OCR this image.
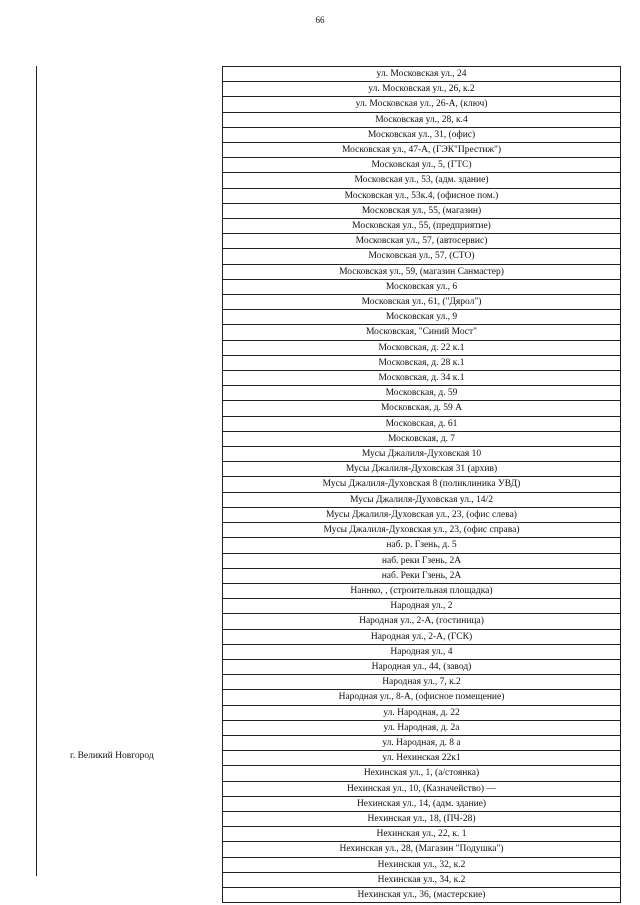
66
г. Великий Новгород
ул. Московская ул., 24
ул. Московская ул., 26, к.2
ул. Московская ул., 26-А, (ключ)
Московская ул., 28, к.4
Московская ул., 31, (офис)
Московская ул., 47-А, (ГЭК"Престиж")
Московская ул., 5, (ГТС)
Московская ул., 53, (адм. здание)
Московская ул., 53к.4, (офисное пом.)
Московская ул., 55, (магазин)
Московская ул., 55, (предприятие)
Московская ул., 57, (автосервис)
Московская ул., 57, (СТО)
Московская ул., 59, (магазин Санмастер)
Московская ул., 6
Московская ул., 61, ("Дярол")
Московская ул., 9
Московская, "Синий Мост"
Московская, д. 22 к.1
Московская, д. 28 к.1
Московская, д. 34 к.1
Московская, д. 59
Московская, д. 59 А
Московская, д. 61
Московская, д. 7
Мусы Джалиля-Духовская 10
Мусы Джалиля-Духовская 31 (архив)
Мусы Джалиля-Духовская 8 (поликлиника УВД)
Мусы Джалиля-Духовская ул., 14/2
Мусы Джалиля-Духовская ул., 23, (офис слева)
Мусы Джалиля-Духовская ул., 23, (офис справа)
наб. р. Гзень, д. 5
наб. реки Гзень, 2А
наб. Реки Гзень, 2А
Наннко, , (строительная площадка)
Народная ул., 2
Народная ул., 2-А, (гостиница)
Народная ул., 2-А, (ГСК)
Народная ул., 4
Народная ул., 44, (завод)
Народная ул., 7, к.2
Народная ул., 8-А, (офисное помещение)
ул. Народная, д. 22
ул. Народная, д. 2а
ул. Народная, д. 8 а
ул. Нехинская 22к1
Нехинская ул., 1, (а/стоянка)
Нехинская ул., 10, (Казначейство) —
Нехинская ул., 14, (адм. здание)
Нехинская ул., 18, (ПЧ-28)
Нехинская ул., 22, к. 1
Нехинская ул., 28, (Магазин "Подушка")
Нехинская ул., 32, к.2
Нехинская ул., 34, к.2
Нехинская ул., 36, (мастерские)
